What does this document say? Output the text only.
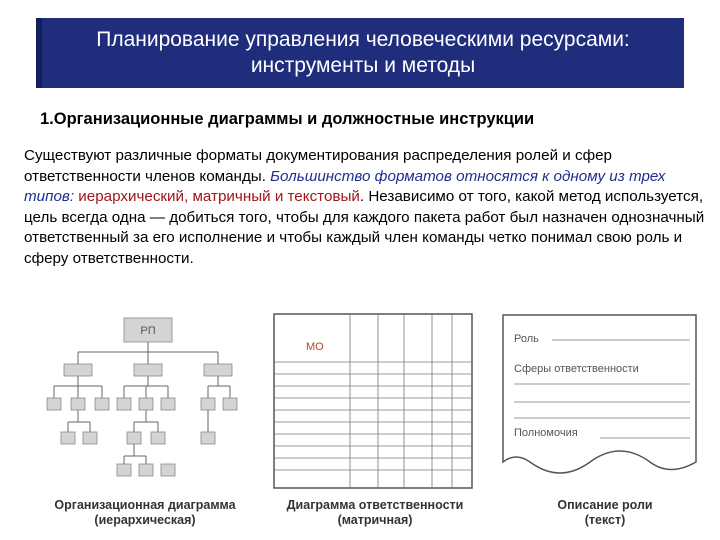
Планирование управления человеческими ресурсами:
инструменты и методы
1.Организационные диаграммы и должностные инструкции
Существуют различные форматы документирования распределения ролей и сфер ответственности членов команды. Большинство форматов относятся к одному из трех типов: иерархический, матричный и текстовый. Независимо от того, какой метод используется, цель всегда одна — добиться того, чтобы для каждого пакета работ был назначен однозначный ответственный за его исполнение и чтобы каждый член команды четко понимал свою роль и сферу ответственности.
РП
Организационная диаграмма
(иерархическая)
МО
Диаграмма ответственности
(матричная)
Роль
Сферы ответственности
Полномочия
Описание роли
(текст)
